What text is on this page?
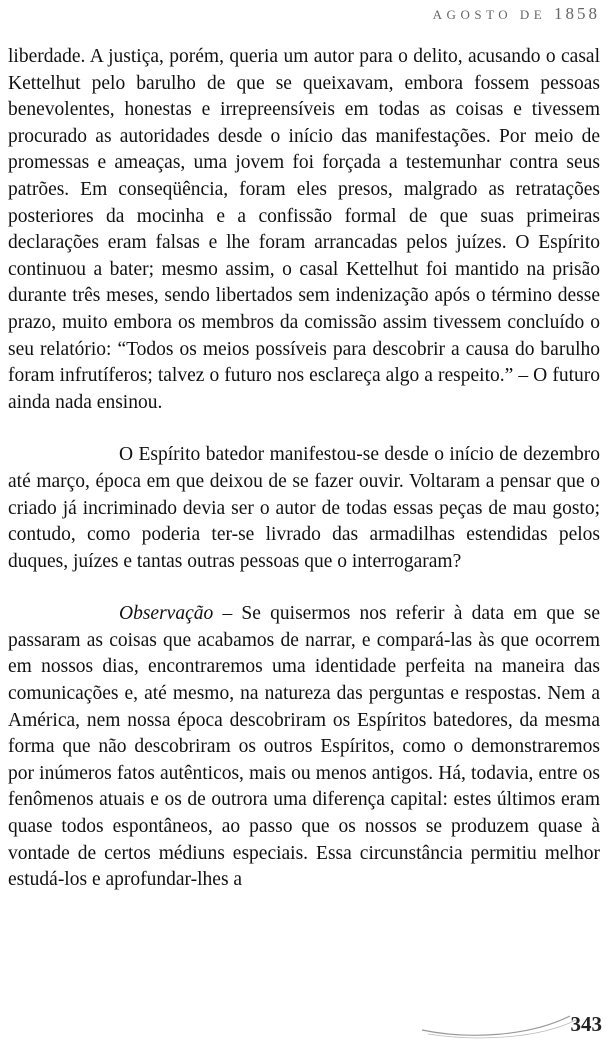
AGOSTO DE 1858

liberdade. A justiça, porém, queria um autor para o delito, acusando o casal Kettelhut pelo barulho de que se queixavam, embora fossem pessoas benevolentes, honestas e irrepreensíveis em todas as coisas e tivessem procurado as autoridades desde o início das manifestações. Por meio de promessas e ameaças, uma jovem foi forçada a testemunhar contra seus patrões. Em conseqüência, foram eles presos, malgrado as retratações posteriores da mocinha e a confissão formal de que suas primeiras declarações eram falsas e lhe foram arrancadas pelos juízes. O Espírito continuou a bater; mesmo assim, o casal Kettelhut foi mantido na prisão durante três meses, sendo libertados sem indenização após o término desse prazo, muito embora os membros da comissão assim tivessem concluído o seu relatório: “Todos os meios possíveis para descobrir a causa do barulho foram infrutíferos; talvez o futuro nos esclareça algo a respeito.” – O futuro ainda nada ensinou.

O Espírito batedor manifestou-se desde o início de dezembro até março, época em que deixou de se fazer ouvir. Voltaram a pensar que o criado já incriminado devia ser o autor de todas essas peças de mau gosto; contudo, como poderia ter-se livrado das armadilhas estendidas pelos duques, juízes e tantas outras pessoas que o interrogaram?

Observação – Se quisermos nos referir à data em que se passaram as coisas que acabamos de narrar, e compará-las às que ocorrem em nossos dias, encontraremos uma identidade perfeita na maneira das comunicações e, até mesmo, na natureza das perguntas e respostas. Nem a América, nem nossa época descobriram os Espíritos batedores, da mesma forma que não descobriram os outros Espíritos, como o demonstraremos por inúmeros fatos autênticos, mais ou menos antigos. Há, todavia, entre os fenômenos atuais e os de outrora uma diferença capital: estes últimos eram quase todos espontâneos, ao passo que os nossos se produzem quase à vontade de certos médiuns especiais. Essa circunstância permitiu melhor estudá-los e aprofundar-lhes a

343
